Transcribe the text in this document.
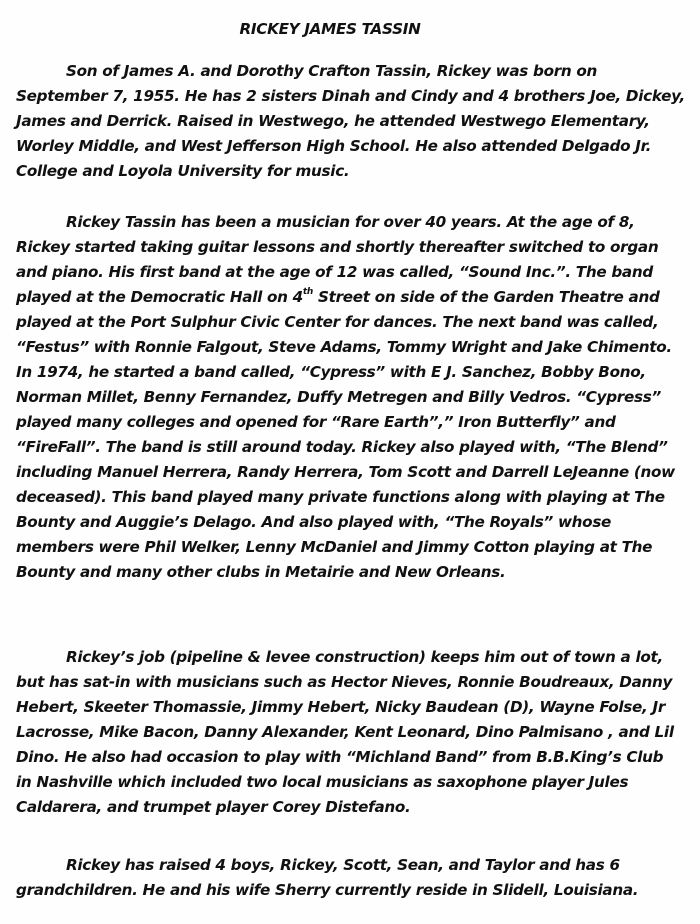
RICKEY JAMES TASSIN
Son of James A. and Dorothy Crafton Tassin, Rickey was born on
September 7, 1955. He has 2 sisters Dinah and Cindy and 4 brothers Joe, Dickey,
James and Derrick. Raised in Westwego, he attended Westwego Elementary,
Worley Middle, and West Jefferson High School. He also attended Delgado Jr.
College and Loyola University for music.
Rickey Tassin has been a musician for over 40 years. At the age of 8,
Rickey started taking guitar lessons and shortly thereafter switched to organ
and piano. His first band at the age of 12 was called, “Sound Inc.”. The band
played at the Democratic Hall on 4th Street on side of the Garden Theatre and
played at the Port Sulphur Civic Center for dances. The next band was called,
“Festus” with Ronnie Falgout, Steve Adams, Tommy Wright and Jake Chimento.
In 1974, he started a band called, “Cypress” with E J. Sanchez, Bobby Bono,
Norman Millet, Benny Fernandez, Duffy Metregen and Billy Vedros. “Cypress”
played many colleges and opened for “Rare Earth”,” Iron Butterfly” and
“FireFall”. The band is still around today. Rickey also played with, “The Blend”
including Manuel Herrera, Randy Herrera, Tom Scott and Darrell LeJeanne (now
deceased). This band played many private functions along with playing at The
Bounty and Auggie’s Delago. And also played with, “The Royals” whose
members were Phil Welker, Lenny McDaniel and Jimmy Cotton playing at The
Bounty and many other clubs in Metairie and New Orleans.
Rickey’s job (pipeline & levee construction) keeps him out of town a lot,
but has sat-in with musicians such as Hector Nieves, Ronnie Boudreaux, Danny
Hebert, Skeeter Thomassie, Jimmy Hebert, Nicky Baudean (D), Wayne Folse, Jr
Lacrosse, Mike Bacon, Danny Alexander, Kent Leonard, Dino Palmisano , and Lil
Dino. He also had occasion to play with “Michland Band” from B.B.King’s Club
in Nashville which included two local musicians as saxophone player Jules
Caldarera, and trumpet player Corey Distefano.
Rickey has raised 4 boys, Rickey, Scott, Sean, and Taylor and has 6
grandchildren. He and his wife Sherry currently reside in Slidell, Louisiana.
